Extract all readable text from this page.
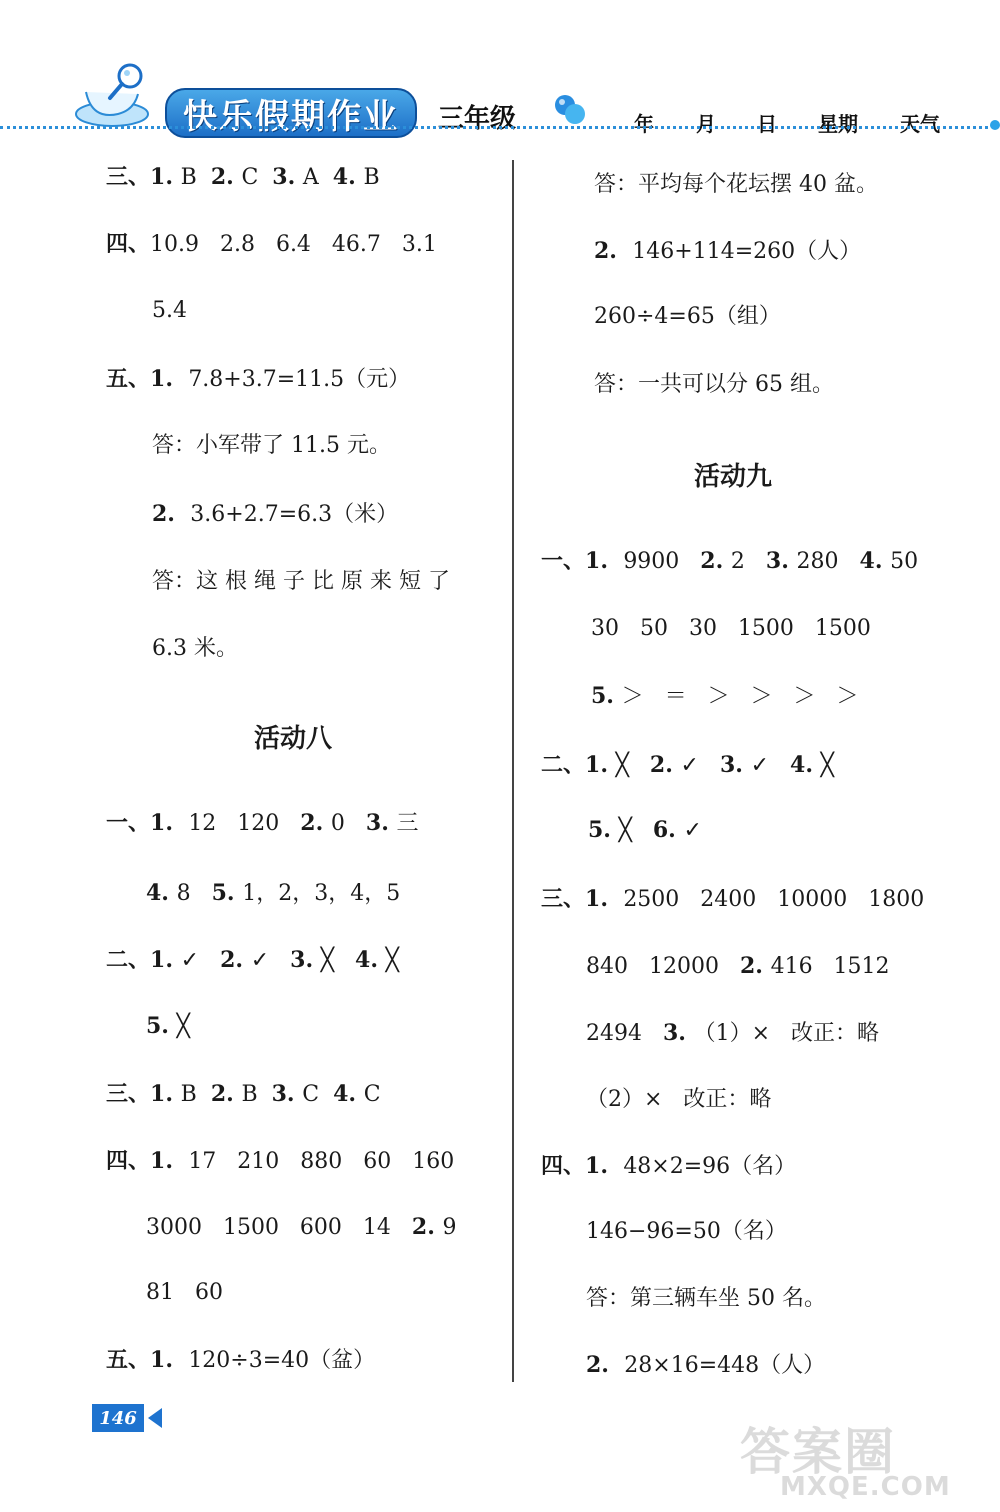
快乐假期作业	三年级	年 月 日 星期 天气
三、1. B  2. C  3. A  4. B
四、10.9   2.8   6.4   46.7   3.1
5.4
五、1.  7.8+3.7=11.5（元）
答：小军带了 11.5 元。
2.  3.6+2.7=6.3（米）
答：这 根 绳 子 比 原 来 短 了
6.3 米。
一、1.  12   120   2. 0   3. 三
4. 8   5. 1，2，3，4，5
二、1. ✓   2. ✓   3. ╳   4. ╳
5. ╳
三、1. B  2. B  3. C  4. C
四、1.  17   210   880   60   160
3000   1500   600   14   2. 9
81   60
五、1.  120÷3=40（盆）
答：平均每个花坛摆 40 盆。
2.  146+114=260（人）
260÷4=65（组）
答：一共可以分 65 组。
一、1.  9900   2. 2   3. 280   4. 50
30   50   30   1500   1500
5. ＞   ＝   ＞   ＞   ＞   ＞
二、1. ╳   2. ✓   3. ✓   4. ╳
5. ╳   6. ✓
三、1.  2500   2400   10000   1800
840   12000   2. 416   1512
2494   3. （1）×   改正：略
（2）×   改正：略
四、1.  48×2=96（名）
146−96=50（名）
答：第三辆车坐 50 名。
2.  28×16=448（人）
活动八
活动九
146
答案圈
MXQE.COM
